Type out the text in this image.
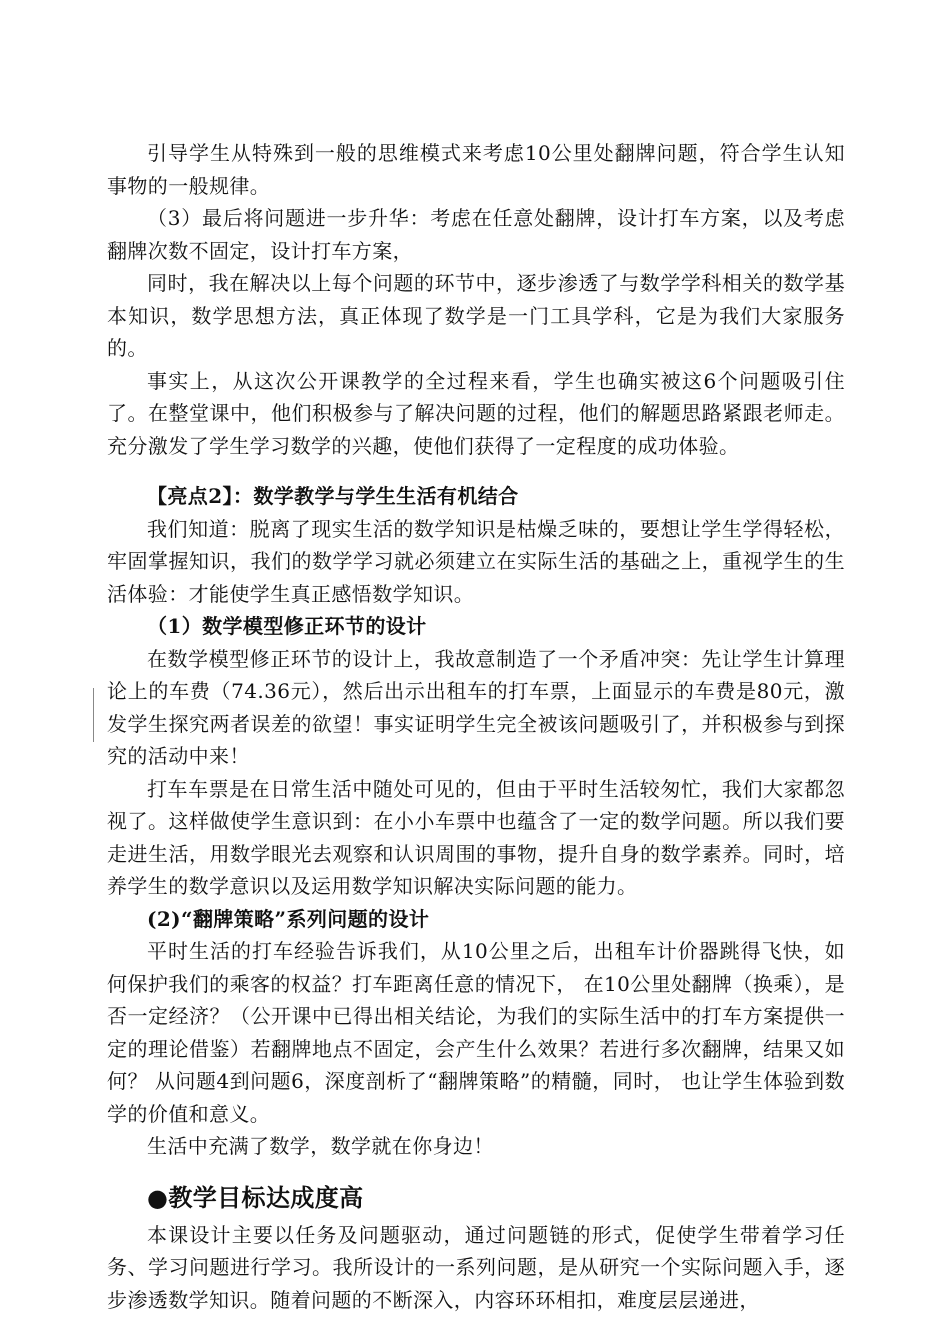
引导学生从特殊到一般的思维模式来考虑10公里处翻牌问题，符合学生认知事物的一般规律。

（3）最后将问题进一步升华：考虑在任意处翻牌，设计打车方案，以及考虑翻牌次数不固定，设计打车方案，

同时，我在解决以上每个问题的环节中，逐步渗透了与数学学科相关的数学基本知识，数学思想方法，真正体现了数学是一门工具学科，它是为我们大家服务的。

事实上，从这次公开课教学的全过程来看，学生也确实被这6个问题吸引住了。在整堂课中，他们积极参与了解决问题的过程，他们的解题思路紧跟老师走。充分激发了学生学习数学的兴趣，使他们获得了一定程度的成功体验。

【亮点2】：数学教学与学生生活有机结合

我们知道：脱离了现实生活的数学知识是枯燥乏味的，要想让学生学得轻松，牢固掌握知识，我们的数学学习就必须建立在实际生活的基础之上，重视学生的生活体验：才能使学生真正感悟数学知识。

（1）数学模型修正环节的设计

在数学模型修正环节的设计上，我故意制造了一个矛盾冲突：先让学生计算理论上的车费（74.36元），然后出示出租车的打车票，上面显示的车费是80元，激发学生探究两者误差的欲望！事实证明学生完全被该问题吸引了，并积极参与到探究的活动中来！

打车车票是在日常生活中随处可见的，但由于平时生活较匆忙，我们大家都忽视了。这样做使学生意识到：在小小车票中也蕴含了一定的数学问题。所以我们要走进生活，用数学眼光去观察和认识周围的事物，提升自身的数学素养。同时，培养学生的数学意识以及运用数学知识解决实际问题的能力。

(2)“翻牌策略”系列问题的设计

平时生活的打车经验告诉我们，从10公里之后，出租车计价器跳得飞快，如何保护我们的乘客的权益？打车距离任意的情况下， 在10公里处翻牌（换乘），是否一定经济？（公开课中已得出相关结论，为我们的实际生活中的打车方案提供一定的理论借鉴）若翻牌地点不固定，会产生什么效果？若进行多次翻牌，结果又如何？ 从问题4到问题6，深度剖析了“翻牌策略”的精髓，同时， 也让学生体验到数学的价值和意义。

生活中充满了数学，数学就在你身边！

●教学目标达成度高

本课设计主要以任务及问题驱动，通过问题链的形式，促使学生带着学习任务、学习问题进行学习。我所设计的一系列问题，是从研究一个实际问题入手，逐步渗透数学知识。随着问题的不断深入，内容环环相扣，难度层层递进，
